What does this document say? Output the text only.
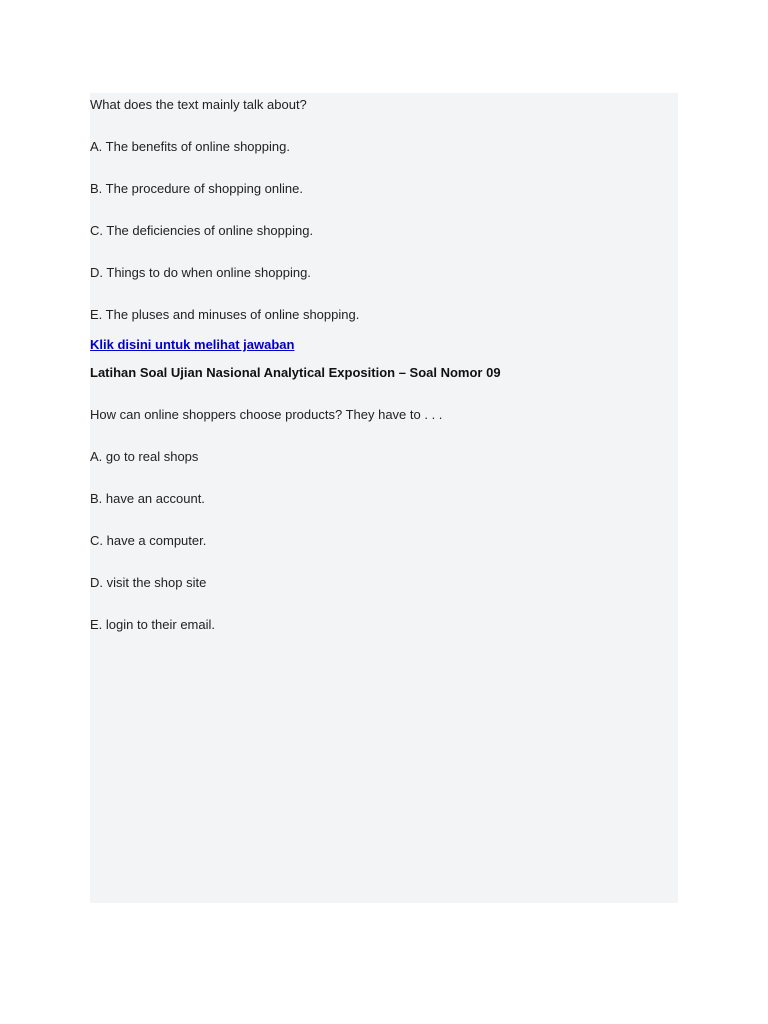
What does the text mainly talk about?
A. The benefits of online shopping.
B. The procedure of shopping online.
C. The deficiencies of online shopping.
D. Things to do when online shopping.
E. The pluses and minuses of online shopping.
Klik disini untuk melihat jawaban
Latihan Soal Ujian Nasional Analytical Exposition – Soal Nomor 09
How can online shoppers choose products? They have to . . .
A. go to real shops
B. have an account.
C. have a computer.
D. visit the shop site
E. login to their email.
